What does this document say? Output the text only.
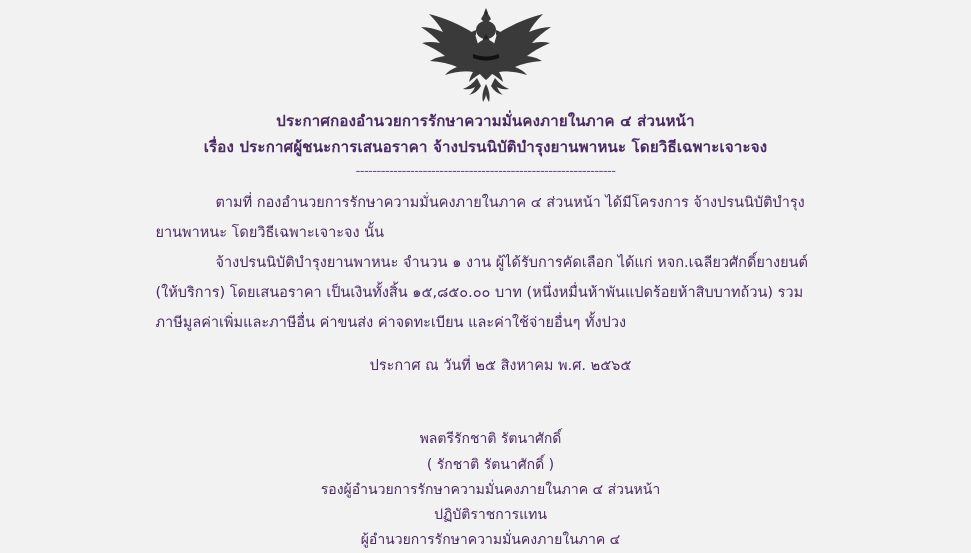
ประกาศกองอำนวยการรักษาความมั่นคงภายในภาค ๔ ส่วนหน้า
เรื่อง ประกาศผู้ชนะการเสนอราคา จ้างปรนนิบัติบำรุงยานพาหนะ โดยวิธีเฉพาะเจาะจง
--------------------------------------------------------------

ตามที่ กองอำนวยการรักษาความมั่นคงภายในภาค ๔ ส่วนหน้า ได้มีโครงการ จ้างปรนนิบัติบำรุงยานพาหนะ โดยวิธีเฉพาะเจาะจง นั้น

จ้างปรนนิบัติบำรุงยานพาหนะ จำนวน ๑ งาน ผู้ได้รับการคัดเลือก ได้แก่ หจก.เฉลียวศักดิ์ยางยนต์ (ให้บริการ) โดยเสนอราคา เป็นเงินทั้งสิ้น ๑๕,๘๕๐.๐๐ บาท (หนึ่งหมื่นห้าพันแปดร้อยห้าสิบบาทถ้วน) รวมภาษีมูลค่าเพิ่มและภาษีอื่น ค่าขนส่ง ค่าจดทะเบียน และค่าใช้จ่ายอื่นๆ ทั้งปวง

ประกาศ ณ วันที่ ๒๕ สิงหาคม พ.ศ. ๒๕๖๕
พลตรีรักชาติ รัตนาศักดิ์
( รักชาติ รัตนาศักดิ์ )
รองผู้อำนวยการรักษาความมั่นคงภายในภาค ๔ ส่วนหน้า
ปฏิบัติราชการแทน
ผู้อำนวยการรักษาความมั่นคงภายในภาค ๔
